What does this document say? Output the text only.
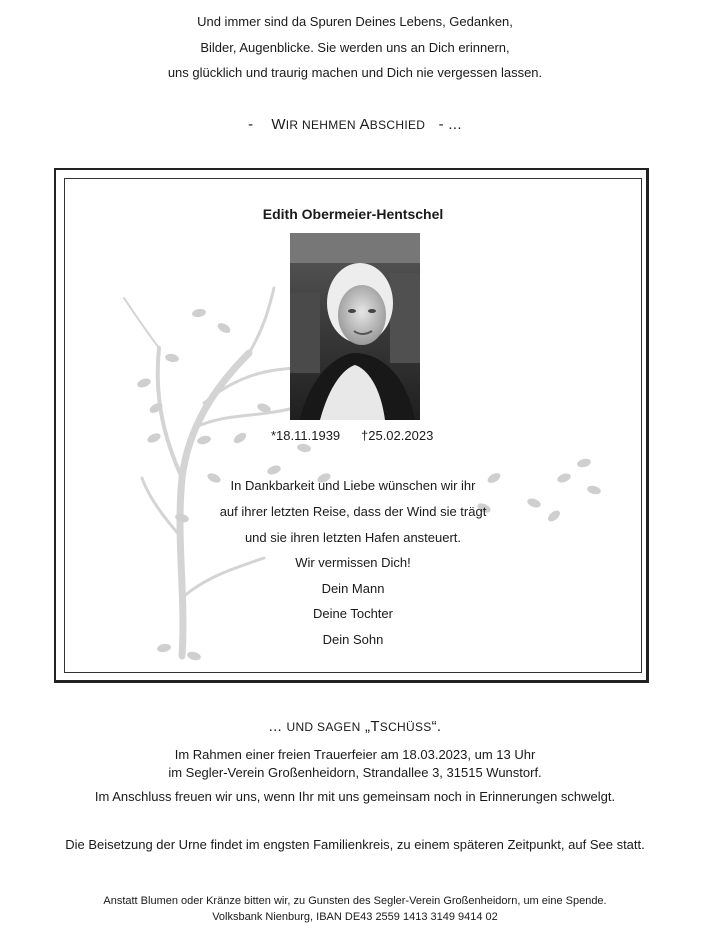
Und immer sind da Spuren Deines Lebens, Gedanken,
Bilder, Augenblicke. Sie werden uns an Dich erinnern,
uns glücklich und traurig machen und Dich nie vergessen lassen.
- WIR NEHMEN ABSCHIED - ...
Edith Obermeier-Hentschel
*18.11.1939 †25.02.2023
In Dankbarkeit und Liebe wünschen wir ihr
auf ihrer letzten Reise, dass der Wind sie trägt
und sie ihren letzten Hafen ansteuert.
Wir vermissen Dich!
Dein Mann
Deine Tochter
Dein Sohn
... UND SAGEN „TSCHÜSS“.
Im Rahmen einer freien Trauerfeier am 18.03.2023, um 13 Uhr
im Segler-Verein Großenheidorn, Strandallee 3, 31515 Wunstorf.
Im Anschluss freuen wir uns, wenn Ihr mit uns gemeinsam noch in Erinnerungen schwelgt.
Die Beisetzung der Urne findet im engsten Familienkreis, zu einem späteren Zeitpunkt, auf See statt.
Anstatt Blumen oder Kränze bitten wir, zu Gunsten des Segler-Verein Großenheidorn, um eine Spende.
Volksbank Nienburg, IBAN DE43 2559 1413 3149 9414 02
